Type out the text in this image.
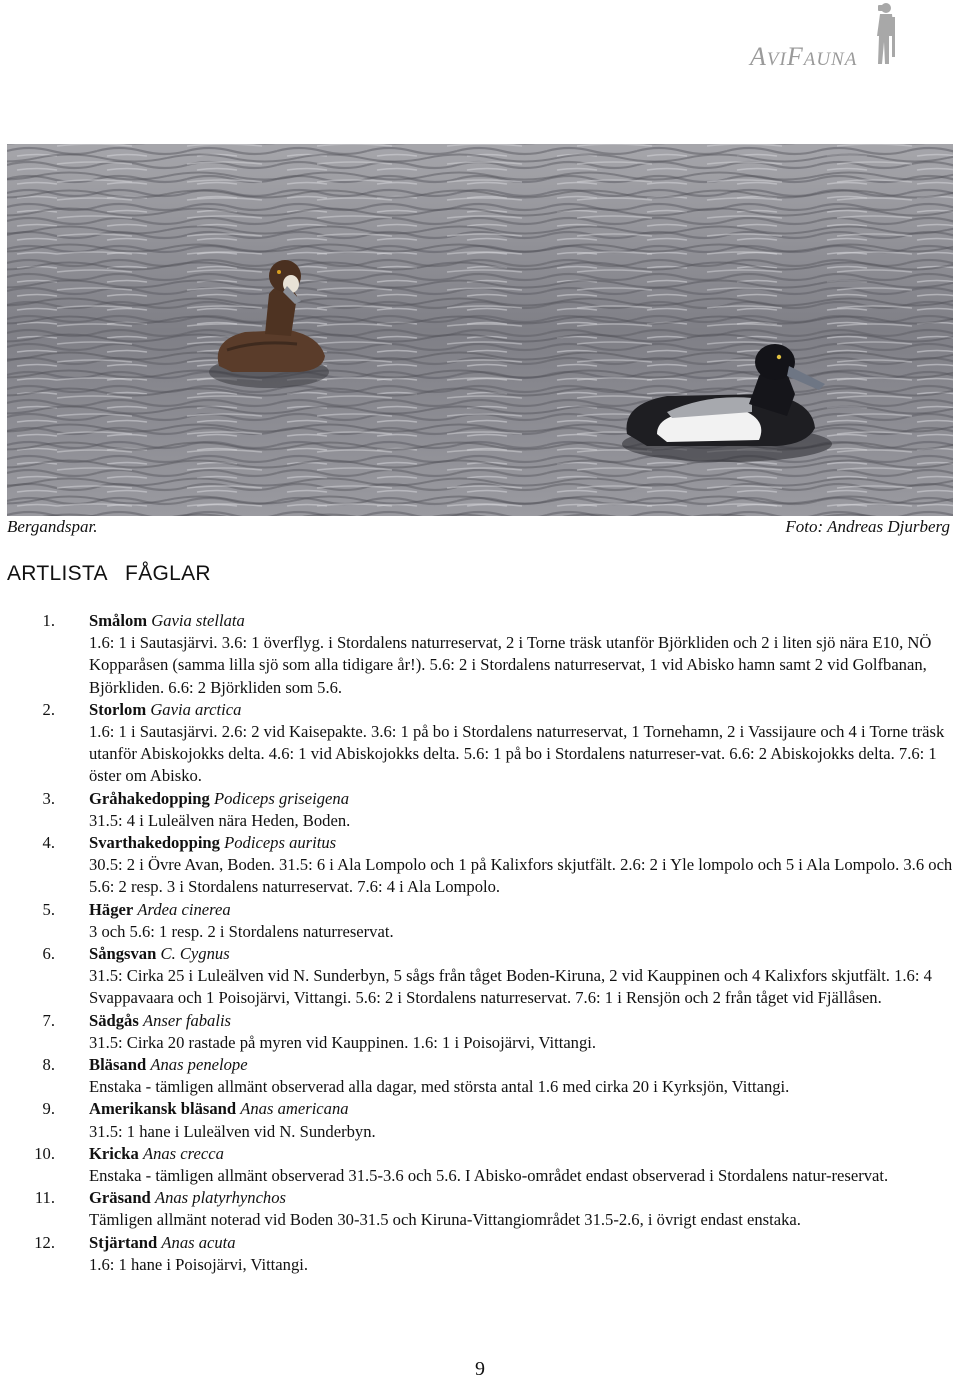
AVIFAUNA
Bergandspar.	Foto: Andreas Djurberg
ARTLISTA   FÅGLAR
1. Smålom Gavia stellata
1.6: 1 i Sautasjärvi. 3.6: 1 överflyg. i Stordalens naturreservat, 2 i Torne träsk utanför Björkliden och 2 i liten sjö nära E10, NÖ Kopparåsen (samma lilla sjö som alla tidigare år!). 5.6: 2 i Stordalens naturreservat, 1 vid Abisko hamn samt 2 vid Golfbanan, Björkliden. 6.6: 2 Björkliden som 5.6.
2. Storlom Gavia arctica
1.6: 1 i Sautasjärvi. 2.6: 2 vid Kaisepakte. 3.6: 1 på bo i Stordalens naturreservat, 1 Tornehamn, 2 i Vassijaure och 4 i Torne träsk utanför Abiskojokks delta. 4.6: 1 vid Abiskojokks delta. 5.6: 1 på bo i Stordalens naturreser-vat. 6.6: 2 Abiskojokks delta. 7.6: 1 öster om Abisko.
3. Gråhakedopping Podiceps griseigena
31.5: 4 i Luleälven nära Heden, Boden.
4. Svarthakedopping Podiceps auritus
30.5: 2 i Övre Avan, Boden. 31.5: 6 i Ala Lompolo och 1 på Kalixfors skjutfält. 2.6: 2 i Yle lompolo och 5 i Ala Lompolo. 3.6 och 5.6: 2 resp. 3 i Stordalens naturreservat. 7.6: 4 i Ala Lompolo.
5. Häger Ardea cinerea
3 och 5.6: 1 resp. 2 i Stordalens naturreservat.
6. Sångsvan C. Cygnus
31.5: Cirka 25 i Luleälven vid N. Sunderbyn, 5 sågs från tåget Boden-Kiruna, 2 vid Kauppinen och 4 Kalixfors skjutfält. 1.6: 4 Svappavaara och 1 Poisojärvi, Vittangi. 5.6: 2 i Stordalens naturreservat. 7.6: 1 i Rensjön och 2 från tåget vid Fjällåsen.
7. Sädgås Anser fabalis
31.5: Cirka 20 rastade på myren vid Kauppinen. 1.6: 1 i Poisojärvi, Vittangi.
8. Bläsand Anas penelope
Enstaka - tämligen allmänt observerad alla dagar, med största antal 1.6 med cirka 20 i Kyrksjön, Vittangi.
9. Amerikansk bläsand Anas americana
31.5: 1 hane i Luleälven vid N. Sunderbyn.
10. Kricka Anas crecca
Enstaka - tämligen allmänt observerad 31.5-3.6 och 5.6. I Abisko-området endast observerad i Stordalens natur-reservat.
11. Gräsand Anas platyrhynchos
Tämligen allmänt noterad vid Boden 30-31.5 och Kiruna-Vittangiområdet 31.5-2.6, i övrigt endast enstaka.
12. Stjärtand Anas acuta
1.6: 1 hane i Poisojärvi, Vittangi.
9
